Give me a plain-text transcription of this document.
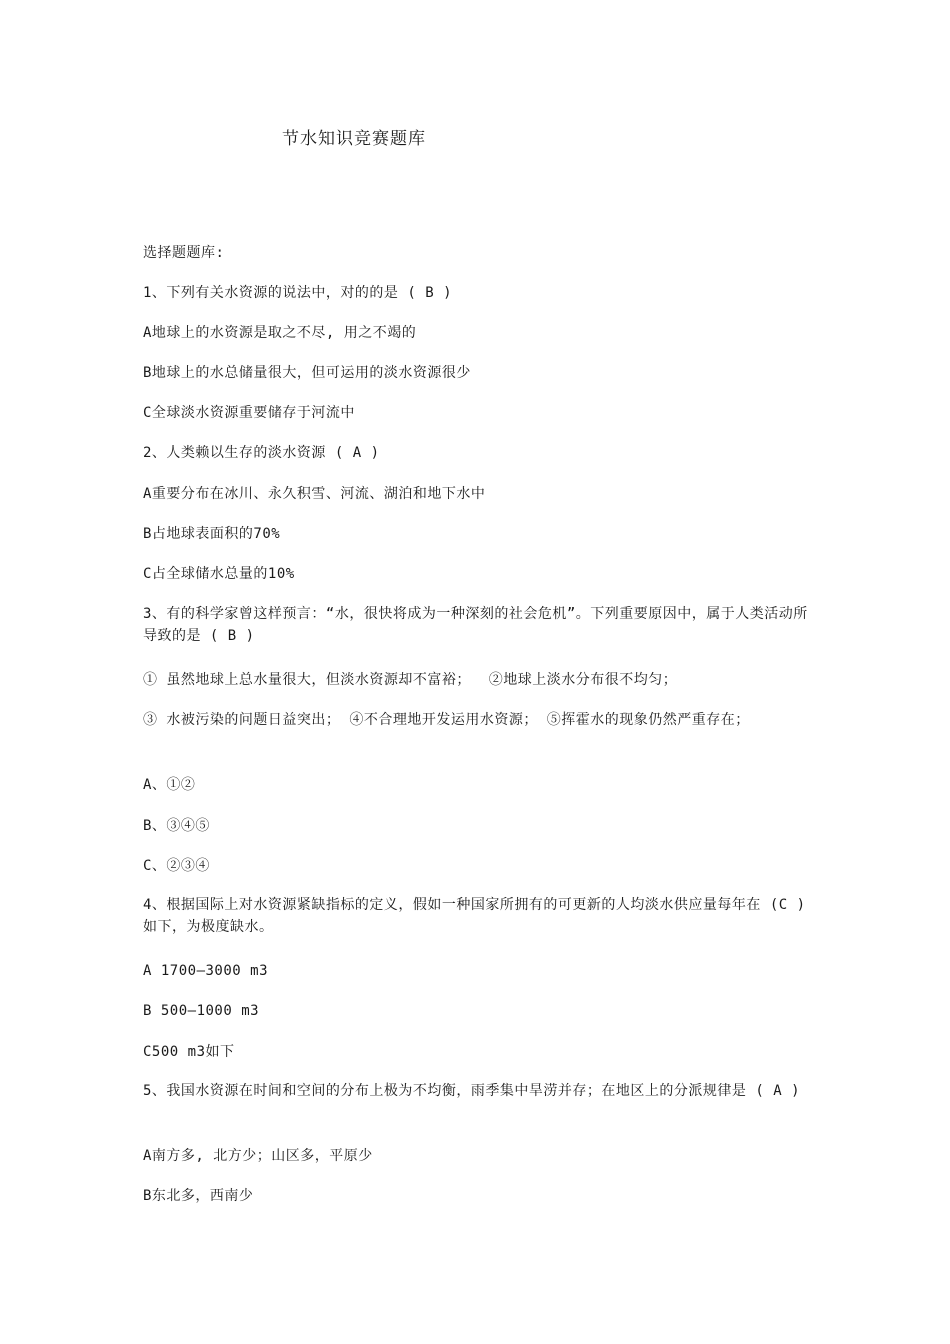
节水知识竞赛题库
选择题题库:
1、下列有关水资源的说法中，对的的是 ( B )
A地球上的水资源是取之不尽, 用之不竭的
B地球上的水总储量很大，但可运用的淡水资源很少
C全球淡水资源重要储存于河流中
2、人类赖以生存的淡水资源 ( A )
A重要分布在冰川、永久积雪、河流、湖泊和地下水中
B占地球表面积的70%
C占全球储水总量的10%
3、有的科学家曾这样预言：“水，很快将成为一种深刻的社会危机”。下列重要原因中，属于人类活动所导致的是 ( B )
① 虽然地球上总水量很大，但淡水资源却不富裕；  ②地球上淡水分布很不均匀；
③ 水被污染的问题日益突出； ④不合理地开发运用水资源； ⑤挥霍水的现象仍然严重存在；
A、①②
B、③④⑤
C、②③④
4、根据国际上对水资源紧缺指标的定义，假如一种国家所拥有的可更新的人均淡水供应量每年在 (C ) 如下，为极度缺水。
A 1700—3000 m3
B 500—1000 m3
C500 m3如下
5、我国水资源在时间和空间的分布上极为不均衡，雨季集中旱涝并存；在地区上的分派规律是 ( A )
A南方多, 北方少；山区多，平原少
B东北多，西南少
